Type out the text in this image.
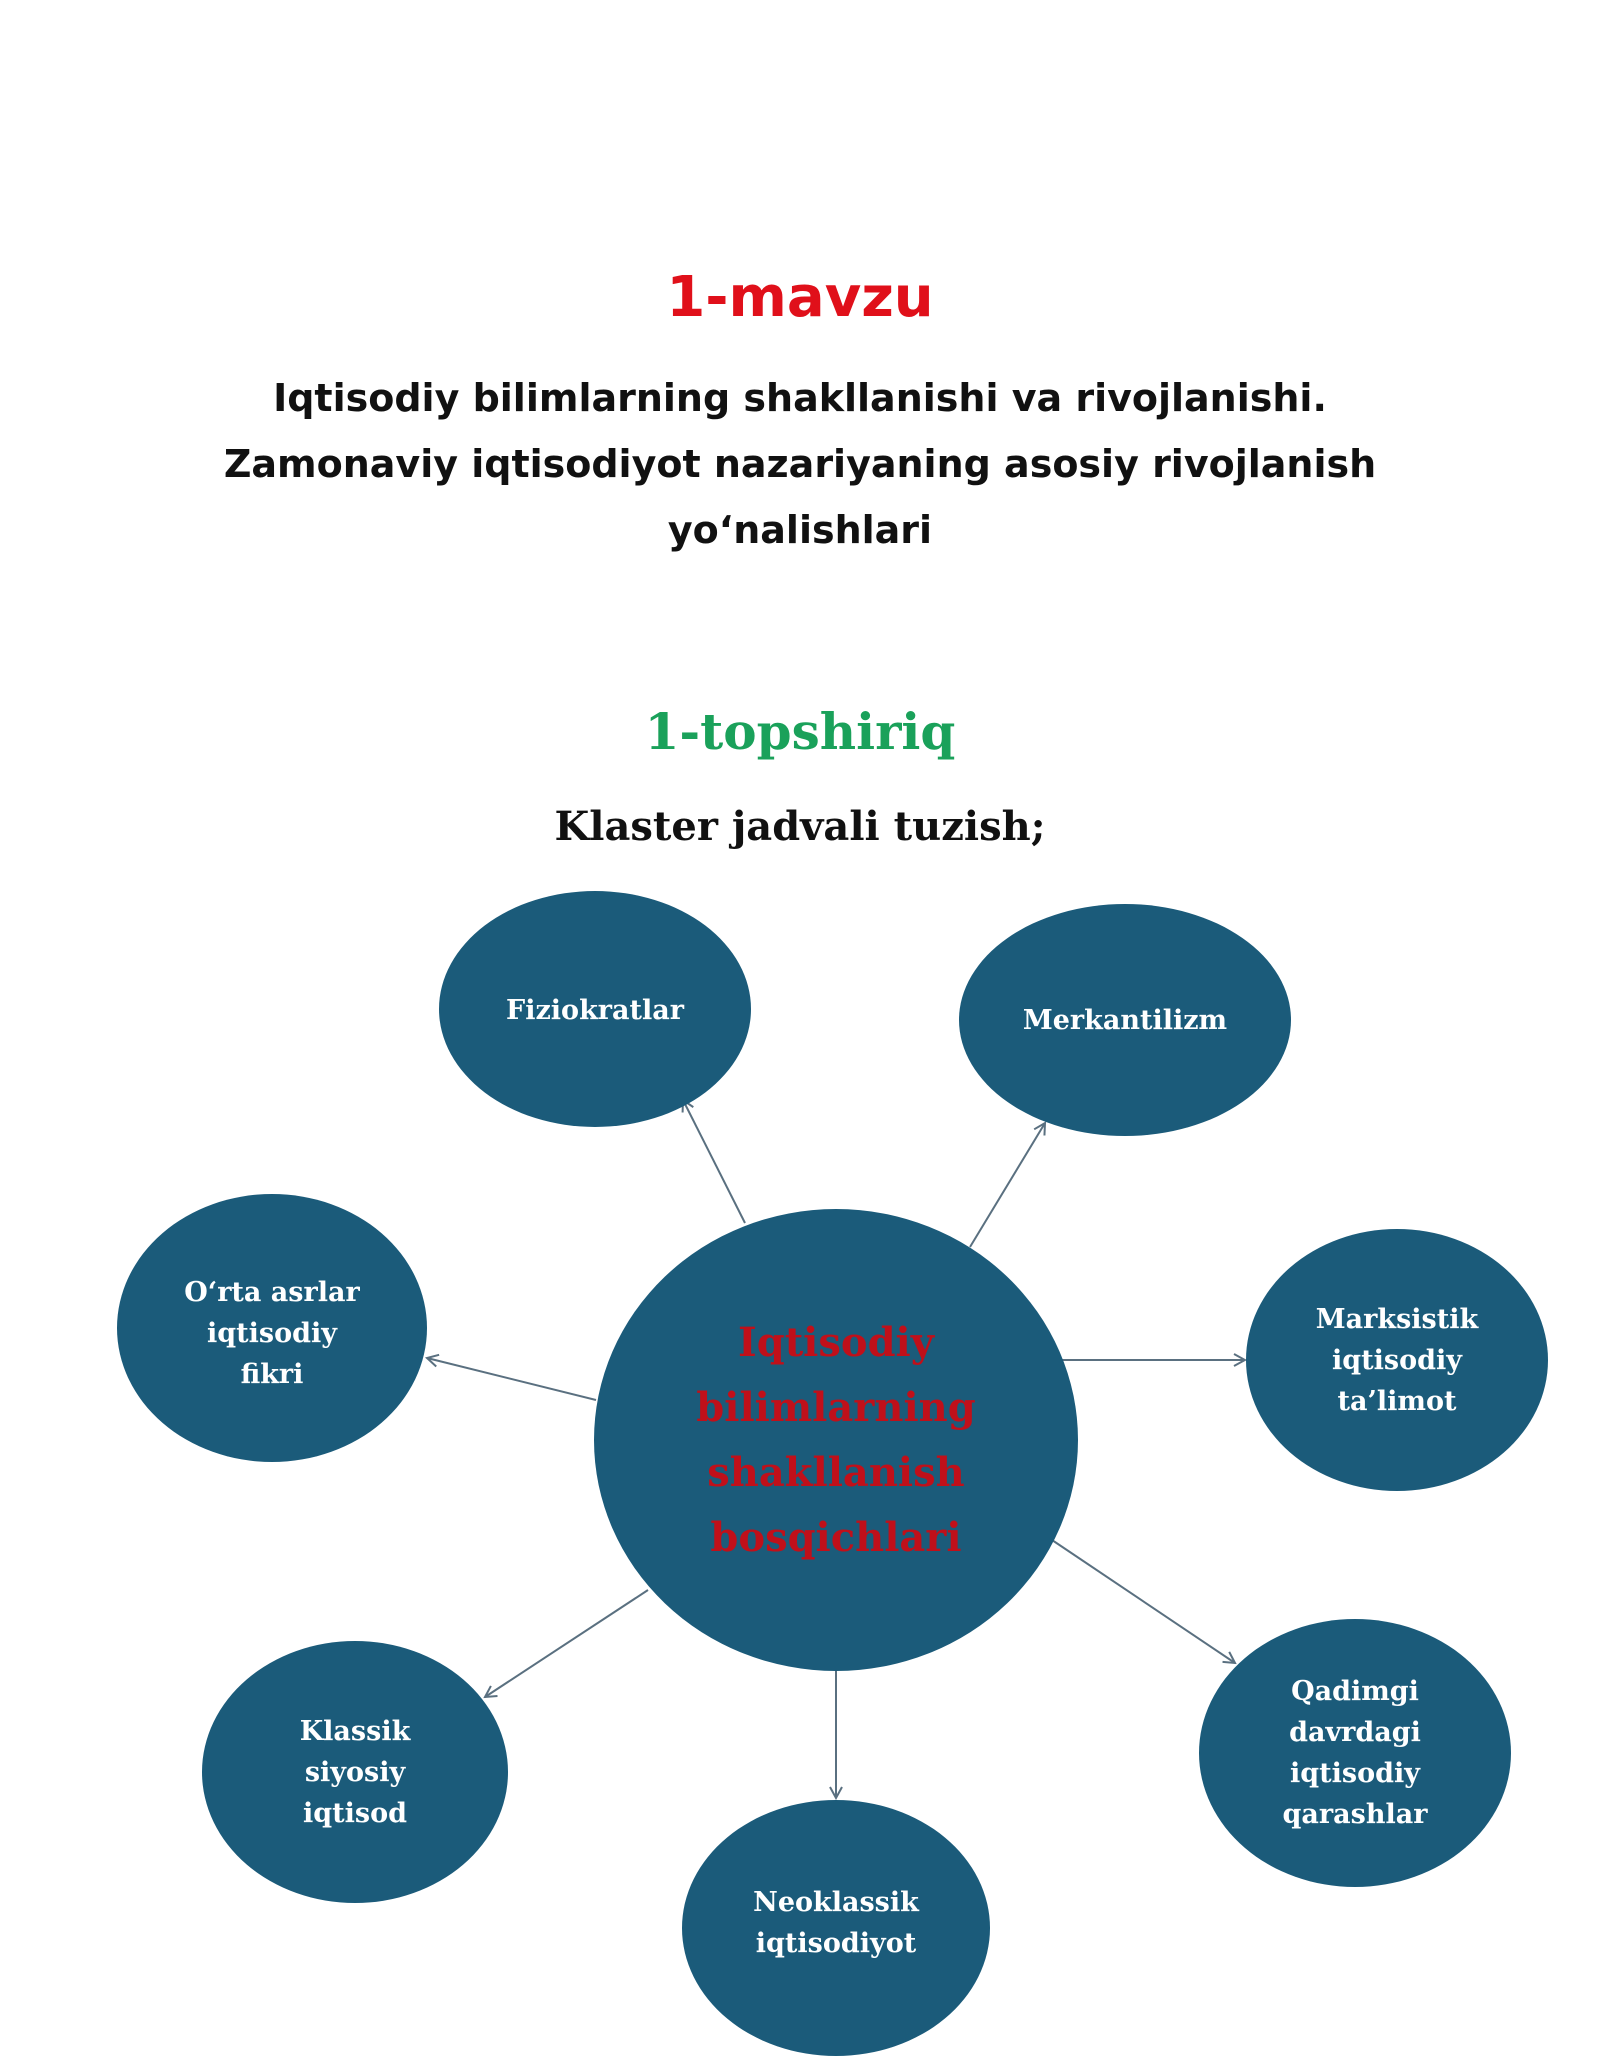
1-mavzu
Iqtisodiy bilimlarning shakllanishi va rivojlanishi.
Zamonaviy iqtisodiyot nazariyaning asosiy rivojlanish
yo‘nalishlari
1-topshiriq
Klaster jadvali tuzish;
Fiziokratlar	Merkantilizm
O‘rta asrlar
iqtisodiy
fikri
Marksistik
iqtisodiy
ta’limot
Klassik
siyosiy
iqtisod
Qadimgi
davrdagi
iqtisodiy
qarashlar
Neoklassik
iqtisodiyot
Iqtisodiy
bilimlarning
shakllanish
bosqichlari
